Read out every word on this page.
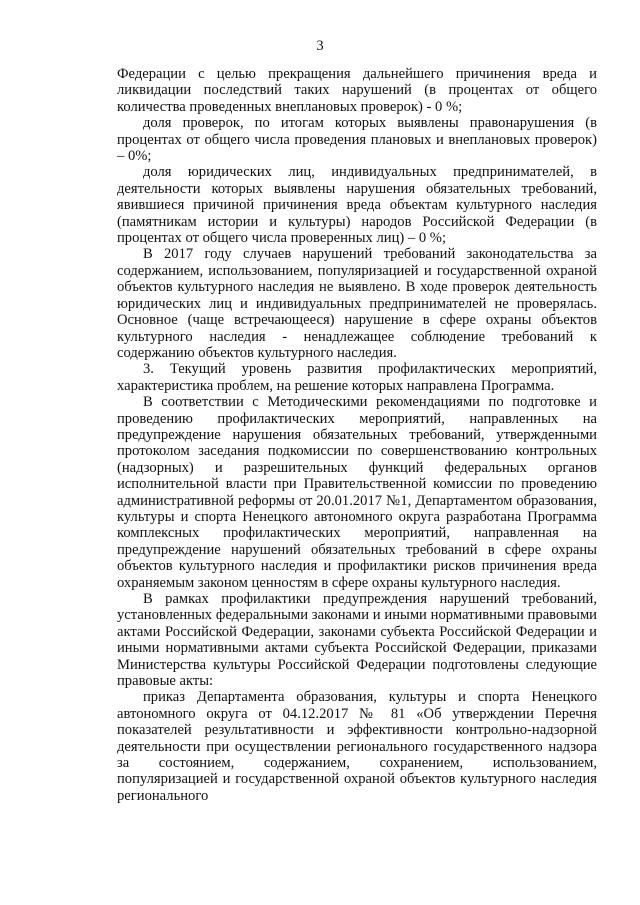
3

Федерации с целью прекращения дальнейшего причинения вреда и ликвидации последствий таких нарушений (в процентах от общего количества проведенных внеплановых проверок) - 0 %;

доля проверок, по итогам которых выявлены правонарушения (в процентах от общего числа проведения плановых и внеплановых проверок) – 0%;

доля юридических лиц, индивидуальных предпринимателей, в деятельности которых выявлены нарушения обязательных требований, явившиеся причиной причинения вреда объектам культурного наследия (памятникам истории и культуры) народов Российской Федерации (в процентах от общего числа проверенных лиц) – 0 %;

В 2017 году случаев нарушений требований законодательства за содержанием, использованием, популяризацией и государственной охраной объектов культурного наследия не выявлено. В ходе проверок деятельность юридических лиц и индивидуальных предпринимателей не проверялась. Основное (чаще встречающееся) нарушение в сфере охраны объектов культурного наследия - ненадлежащее соблюдение требований к содержанию объектов культурного наследия.

3. Текущий уровень развития профилактических мероприятий, характеристика проблем, на решение которых направлена Программа.

В соответствии с Методическими рекомендациями по подготовке и проведению профилактических мероприятий, направленных на предупреждение нарушения обязательных требований, утвержденными протоколом заседания подкомиссии по совершенствованию контрольных (надзорных) и разрешительных функций федеральных органов исполнительной власти при Правительственной комиссии по проведению административной реформы от 20.01.2017 №1, Департаментом образования, культуры и спорта Ненецкого автономного округа разработана Программа комплексных профилактических мероприятий, направленная на предупреждение нарушений обязательных требований в сфере охраны объектов культурного наследия и профилактики рисков причинения вреда охраняемым законом ценностям в сфере охраны культурного наследия.

В рамках профилактики предупреждения нарушений требований, установленных федеральными законами и иными нормативными правовыми актами Российской Федерации, законами субъекта Российской Федерации и иными нормативными актами субъекта Российской Федерации, приказами Министерства культуры Российской Федерации подготовлены следующие правовые акты:

приказ Департамента образования, культуры и спорта Ненецкого автономного округа от 04.12.2017 № 81 «Об утверждении Перечня показателей результативности и эффективности контрольно-надзорной деятельности при осуществлении регионального государственного надзора за состоянием, содержанием, сохранением, использованием, популяризацией и государственной охраной объектов культурного наследия регионального
